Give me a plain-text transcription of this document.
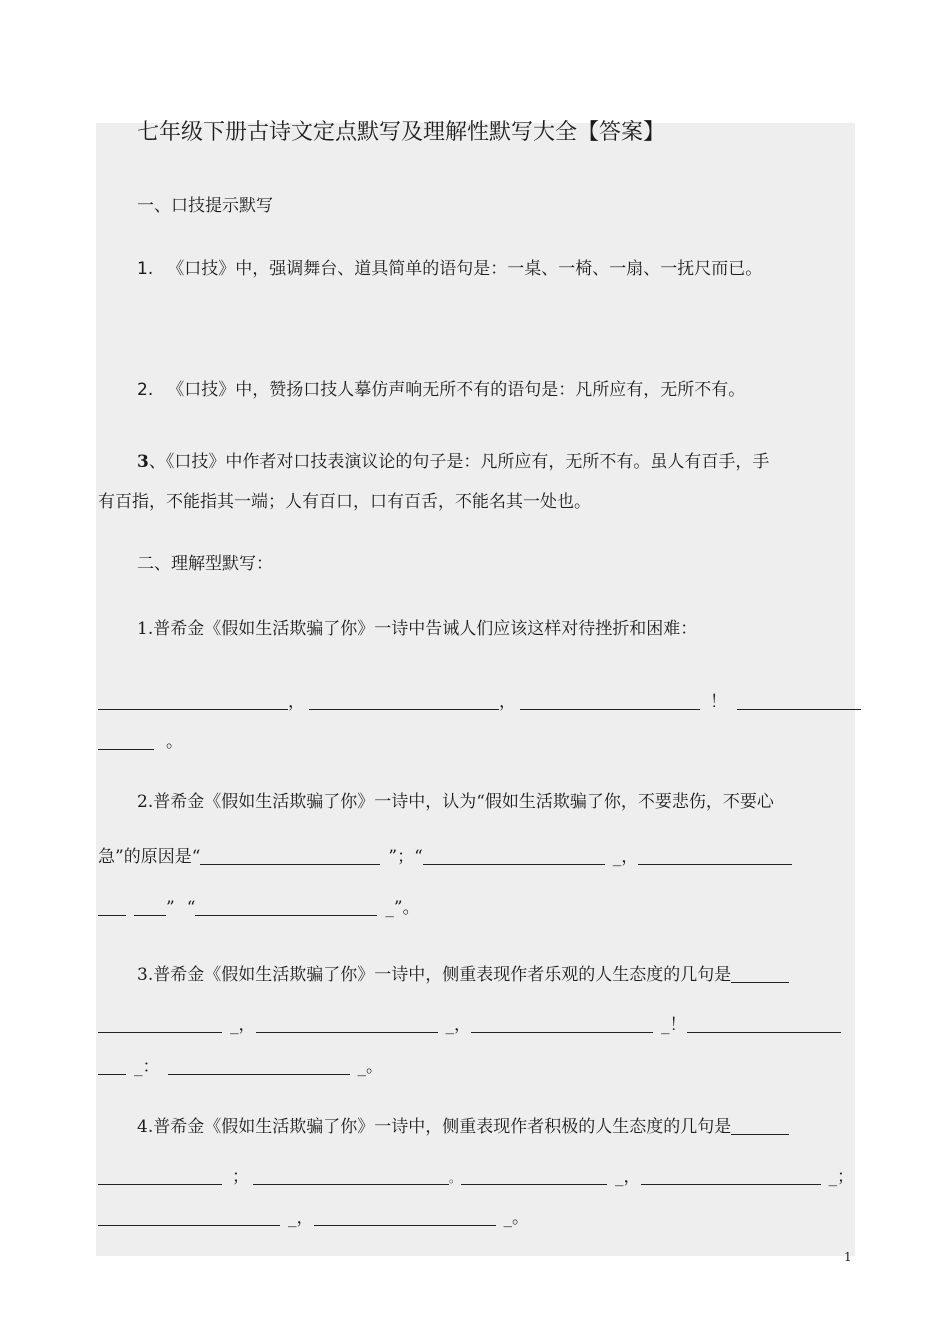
七年级下册古诗文定点默写及理解性默写大全【答案】
一、口技提示默写
1. 《口技》中，强调舞台、道具简单的语句是：一桌、一椅、一扇、一抚尺而已。
2. 《口技》中，赞扬口技人摹仿声响无所不有的语句是：凡所应有，无所不有。
3、《口技》中作者对口技表演议论的句子是：凡所应有，无所不有。虽人有百手，手
有百指，不能指其一端；人有百口，口有百舌，不能名其一处也。
二、理解型默写：
1.普希金《假如生活欺骗了你》一诗中告诫人们应该这样对待挫折和困难：
，	，	！
。
2.普希金《假如生活欺骗了你》一诗中，认为“假如生活欺骗了你，不要悲伤，不要心
急”的原因是“	”；“	_，
” “	_”。
3.普希金《假如生活欺骗了你》一诗中，侧重表现作者乐观的人生态度的几句是
_，	_，	_！
_：	_。
4.普希金《假如生活欺骗了你》一诗中，侧重表现作者积极的人生态度的几句是
；	。	_，	_；
_，	_。
1
